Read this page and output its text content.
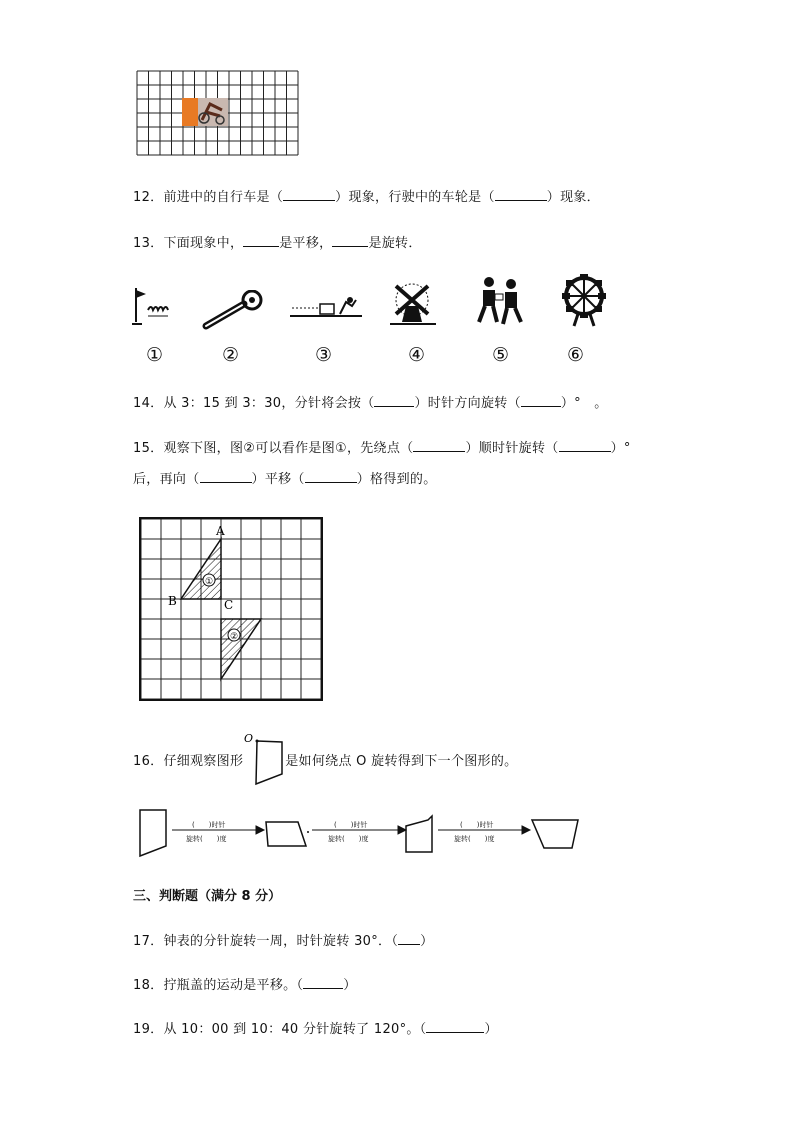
12．前进中的自行车是（	）现象，行驶中的车轮是（	）现象．
13．下面现象中，	是平移，	是旋转．
①	②	③	④	⑤	⑥
14．从 3：15 到 3：30，分针将会按（	）时针方向旋转（	）°　。
15．观察下图，图②可以看作是图①，先绕点（	）顺时针旋转（	）°
后，再向（	）平移（	）格得到的。
A
B	C
①
②
16．仔细观察图形	是如何绕点 O 旋转得到下一个图形的。
O
(　　)时针
旋转(　　)度
(　　)时针
旋转(　　)度
(　　)时针
旋转(　　)度
三、判断题（满分 8 分）
17．钟表的分针旋转一周，时针旋转 30°．（ ）
18．拧瓶盖的运动是平移。（	）
19．从 10：00 到 10：40 分针旋转了 120°。（	）
